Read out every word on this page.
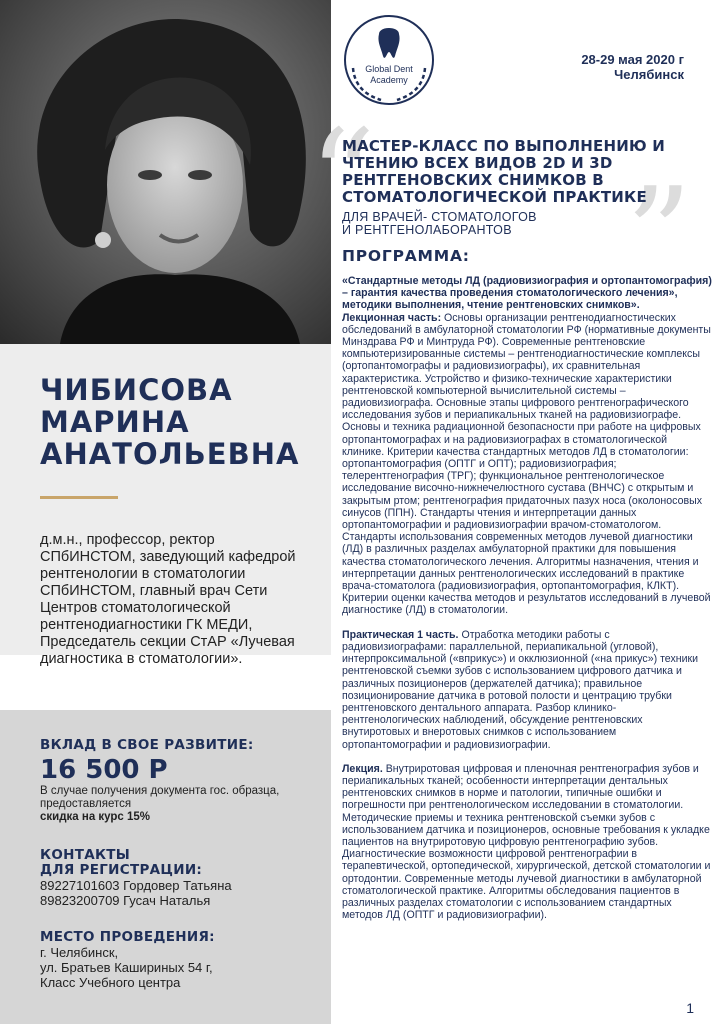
ЧИБИСОВА
МАРИНА
АНАТОЛЬЕВНА
д.м.н., профессор, ректор СПбИНСТОМ, заведующий кафедрой рентгенологии в стоматологии СПбИНСТОМ, главный врач Сети Центров стоматологической рентгенодиагностики ГК МЕДИ, Председатель секции СтАР «Лучевая диагностика в стоматологии».
ВКЛАД В СВОЕ РАЗВИТИЕ:
16 500 Р
В случае получения документа гос. образца, предоставляется
скидка на курс 15%
КОНТАКТЫ
ДЛЯ РЕГИСТРАЦИИ:
89227101603 Гордовер Татьяна
89823200709 Гусач Наталья
МЕСТО ПРОВЕДЕНИЯ:
г. Челябинск,
ул. Братьев Кашириных 54 г,
Класс Учебного центра
Global Dent
Academy
28-29 мая 2020 г
Челябинск
“ ”
МАСТЕР-КЛАСС ПО ВЫПОЛНЕНИЮ И ЧТЕНИЮ ВСЕХ ВИДОВ 2D И 3D РЕНТГЕНОВСКИХ СНИМКОВ В СТОМАТОЛОГИЧЕСКОЙ ПРАКТИКЕ
ДЛЯ ВРАЧЕЙ- СТОМАТОЛОГОВ
И РЕНТГЕНОЛАБОРАНТОВ
ПРОГРАММА:

«Стандартные методы ЛД (радиовизиография и ортопантомография) – гарантия качества проведения стоматологического лечения», методики выполнения, чтение рентгеновских снимков».

Лекционная часть: Основы организации рентгенодиагностических обследований в амбулаторной стоматологии РФ (нормативные документы Минздрава РФ и Минтруда РФ). Современные рентгеновские компьютеризированные системы – рентгенодиагностические комплексы (ортопантомографы и радиовизиографы), их сравнительная характеристика. Устройство и физико-технические характеристики рентгеновской компьютерной вычислительной системы – радиовизиографа. Основные этапы цифрового рентгенографического исследования зубов и периапикальных тканей на радиовизиографе. Основы и техника радиационной безопасности при работе на цифровых ортопантомографах и на радиовизиографах в стоматологической клинике. Критерии качества стандартных методов ЛД в стоматологии: ортопантомография (ОПТГ и ОПТ); радиовизиография; телерентгенография (ТРГ); функциональное рентгенологическое исследование височно-нижнечелюстного сустава (ВНЧС) с открытым и закрытым ртом; рентгенография придаточных пазух носа (околоносовых синусов (ППН). Стандарты чтения и интерпретации данных ортопантомографии и радиовизиографии врачом-стоматологом. Стандарты использования современных методов лучевой диагностики (ЛД) в различных разделах амбулаторной практики для повышения качества стоматологического лечения. Алгоритмы назначения, чтения и интерпретации данных рентгенологических исследований в практике врача-стоматолога (радиовизиография, ортопантомография, КЛКТ). Критерии оценки качества методов и результатов исследований в лучевой диагностике (ЛД) в стоматологии.

Практическая 1 часть. Отработка методики работы с радиовизиографами: параллельной, периапикальной (угловой), интерпроксимальной («вприкус») и окклюзионной («на прикус») техники рентгеновской съемки зубов с использованием цифрового датчика и различных позиционеров (держателей датчика); правильное позиционирование датчика в ротовой полости и центрацию трубки рентгеновского дентального аппарата. Разбор клинико-рентгенологических наблюдений, обсуждение рентгеновских внутиротовых и внеротовых снимков с использованием ортопантомографии и радиовизиографии.

Лекция. Внутриротовая цифровая и пленочная рентгенография зубов и периапикальных тканей; особенности интерпретации дентальных рентгеновских снимков в норме и патологии, типичные ошибки и погрешности при рентгенологическом исследовании в стоматологии. Методические приемы и техника рентгеновской съемки зубов с использованием датчика и позиционеров, основные требования к укладке пациентов на внутриротовую цифровую рентгенографию зубов. Диагностические возможности цифровой рентгенографии в терапевтической, ортопедической, хирургической, детской стоматологии и ортодонтии. Современные методы лучевой диагностики в амбулаторной стоматологической практике. Алгоритмы обследования пациентов в различных разделах стоматологии с использованием стандартных методов ЛД (ОПТГ и радиовизиографии).

1
